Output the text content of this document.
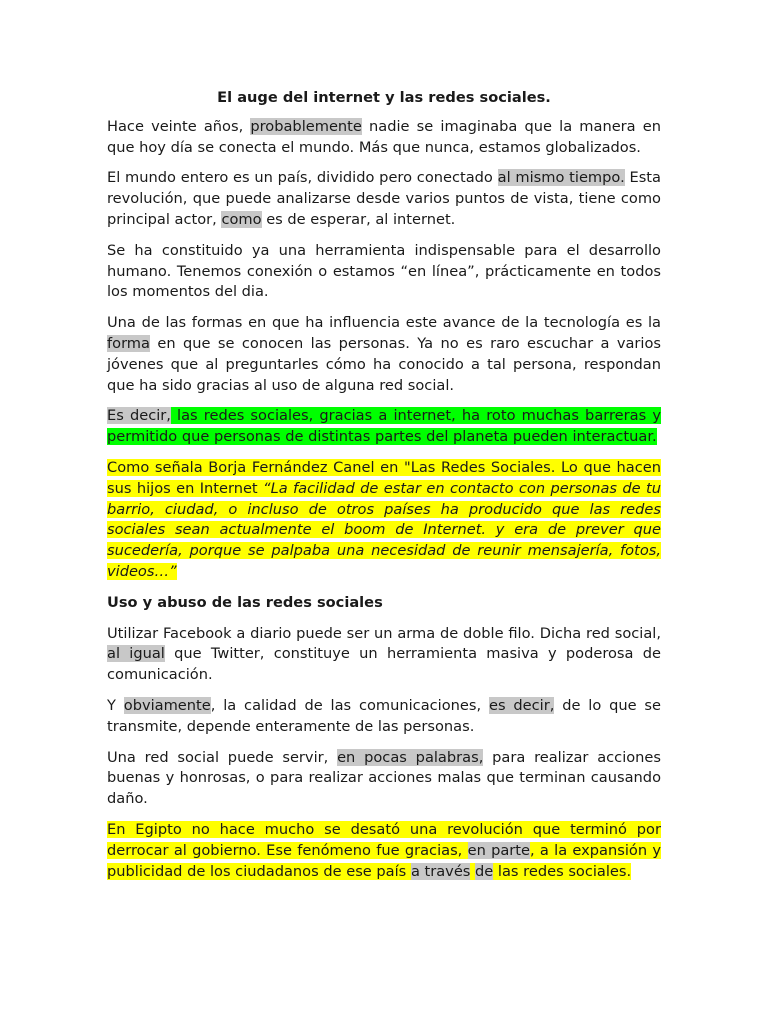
El auge del internet y las redes sociales.

Hace veinte años, probablemente nadie se imaginaba que la manera en que hoy día se conecta el mundo. Más que nunca, estamos globalizados.

El mundo entero es un país, dividido pero conectado al mismo tiempo. Esta revolución, que puede analizarse desde varios puntos de vista, tiene como principal actor, como es de esperar, al internet.

Se ha constituido ya una herramienta indispensable para el desarrollo humano. Tenemos conexión o estamos “en línea”, prácticamente en todos los momentos del dia.

Una de las formas en que ha influencia este avance de la tecnología es la forma en que se conocen las personas. Ya no es raro escuchar a varios jóvenes que al preguntarles cómo ha conocido a tal persona, respondan que ha sido gracias al uso de alguna red social.

Es decir, las redes sociales, gracias a internet, ha roto muchas barreras y permitido que personas de distintas partes del planeta pueden interactuar.

Como señala Borja Fernández Canel en "Las Redes Sociales. Lo que hacen sus hijos en Internet “La facilidad de estar en contacto con personas de tu barrio, ciudad, o incluso de otros países ha producido que las redes sociales sean actualmente el boom de Internet. y era de prever que sucedería, porque se palpaba una necesidad de reunir mensajería, fotos, videos…”

Uso y abuso de las redes sociales

Utilizar Facebook a diario puede ser un arma de doble filo. Dicha red social, al igual que Twitter, constituye un herramienta masiva y poderosa de comunicación.

Y obviamente, la calidad de las comunicaciones, es decir, de lo que se transmite, depende enteramente de las personas.

Una red social puede servir, en pocas palabras, para realizar acciones buenas y honrosas, o para realizar acciones malas que terminan causando daño.

En Egipto no hace mucho se desató una revolución que terminó por derrocar al gobierno. Ese fenómeno fue gracias, en parte, a la expansión y publicidad de los ciudadanos de ese país a través de las redes sociales.
